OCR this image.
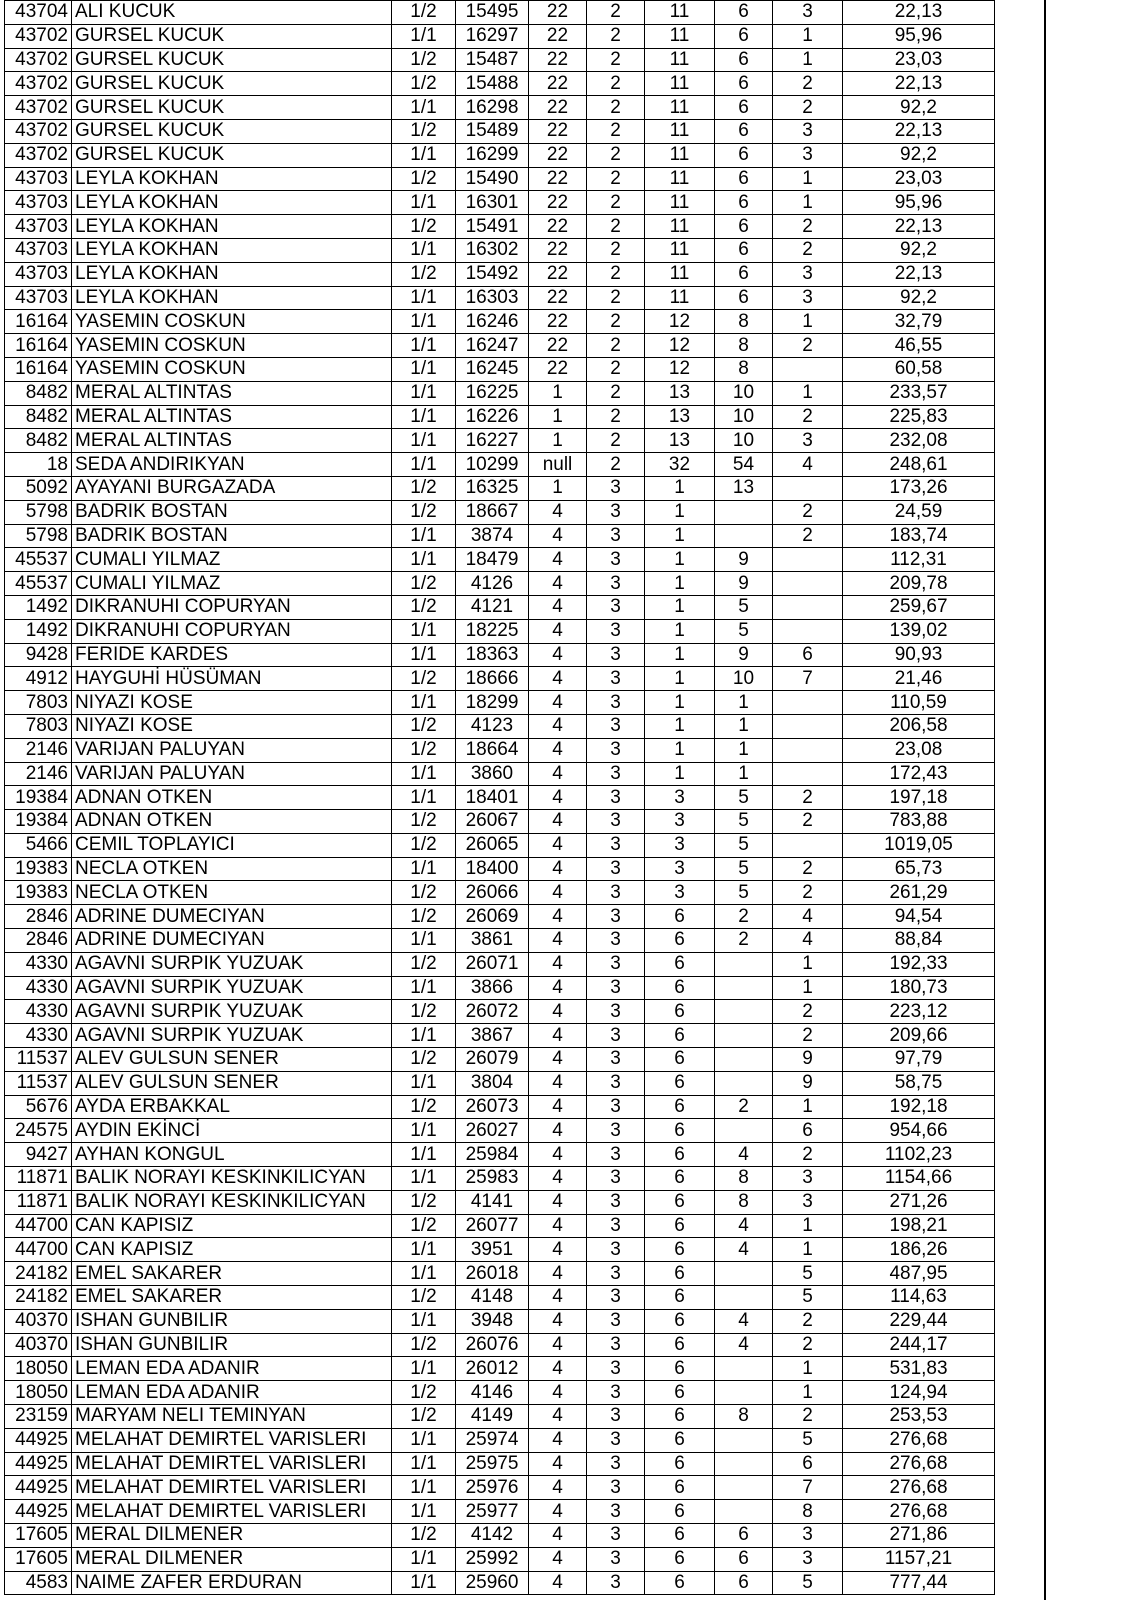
43704	ALI KUCUK	1/2	15495	22	2	11	6	3	22,13
43702	GURSEL KUCUK	1/1	16297	22	2	11	6	1	95,96
43702	GURSEL KUCUK	1/2	15487	22	2	11	6	1	23,03
43702	GURSEL KUCUK	1/2	15488	22	2	11	6	2	22,13
43702	GURSEL KUCUK	1/1	16298	22	2	11	6	2	92,2
43702	GURSEL KUCUK	1/2	15489	22	2	11	6	3	22,13
43702	GURSEL KUCUK	1/1	16299	22	2	11	6	3	92,2
43703	LEYLA KOKHAN	1/2	15490	22	2	11	6	1	23,03
43703	LEYLA KOKHAN	1/1	16301	22	2	11	6	1	95,96
43703	LEYLA KOKHAN	1/2	15491	22	2	11	6	2	22,13
43703	LEYLA KOKHAN	1/1	16302	22	2	11	6	2	92,2
43703	LEYLA KOKHAN	1/2	15492	22	2	11	6	3	22,13
43703	LEYLA KOKHAN	1/1	16303	22	2	11	6	3	92,2
16164	YASEMIN COSKUN	1/1	16246	22	2	12	8	1	32,79
16164	YASEMIN COSKUN	1/1	16247	22	2	12	8	2	46,55
16164	YASEMIN COSKUN	1/1	16245	22	2	12	8		60,58
8482	MERAL ALTINTAS	1/1	16225	1	2	13	10	1	233,57
8482	MERAL ALTINTAS	1/1	16226	1	2	13	10	2	225,83
8482	MERAL ALTINTAS	1/1	16227	1	2	13	10	3	232,08
18	SEDA ANDIRIKYAN	1/1	10299	null	2	32	54	4	248,61
5092	AYAYANI BURGAZADA	1/2	16325	1	3	1	13		173,26
5798	BADRIK BOSTAN	1/2	18667	4	3	1		2	24,59
5798	BADRIK BOSTAN	1/1	3874	4	3	1		2	183,74
45537	CUMALI YILMAZ	1/1	18479	4	3	1	9		112,31
45537	CUMALI YILMAZ	1/2	4126	4	3	1	9		209,78
1492	DIKRANUHI COPURYAN	1/2	4121	4	3	1	5		259,67
1492	DIKRANUHI COPURYAN	1/1	18225	4	3	1	5		139,02
9428	FERIDE KARDES	1/1	18363	4	3	1	9	6	90,93
4912	HAYGUHİ HÜSÜMAN	1/2	18666	4	3	1	10	7	21,46
7803	NIYAZI KOSE	1/1	18299	4	3	1	1		110,59
7803	NIYAZI KOSE	1/2	4123	4	3	1	1		206,58
2146	VARIJAN PALUYAN	1/2	18664	4	3	1	1		23,08
2146	VARIJAN PALUYAN	1/1	3860	4	3	1	1		172,43
19384	ADNAN OTKEN	1/1	18401	4	3	3	5	2	197,18
19384	ADNAN OTKEN	1/2	26067	4	3	3	5	2	783,88
5466	CEMIL TOPLAYICI	1/2	26065	4	3	3	5		1019,05
19383	NECLA OTKEN	1/1	18400	4	3	3	5	2	65,73
19383	NECLA OTKEN	1/2	26066	4	3	3	5	2	261,29
2846	ADRINE DUMECIYAN	1/2	26069	4	3	6	2	4	94,54
2846	ADRINE DUMECIYAN	1/1	3861	4	3	6	2	4	88,84
4330	AGAVNI SURPIK YUZUAK	1/2	26071	4	3	6		1	192,33
4330	AGAVNI SURPIK YUZUAK	1/1	3866	4	3	6		1	180,73
4330	AGAVNI SURPIK YUZUAK	1/2	26072	4	3	6		2	223,12
4330	AGAVNI SURPIK YUZUAK	1/1	3867	4	3	6		2	209,66
11537	ALEV GULSUN SENER	1/2	26079	4	3	6		9	97,79
11537	ALEV GULSUN SENER	1/1	3804	4	3	6		9	58,75
5676	AYDA ERBAKKAL	1/2	26073	4	3	6	2	1	192,18
24575	AYDIN EKİNCİ	1/1	26027	4	3	6		6	954,66
9427	AYHAN KONGUL	1/1	25984	4	3	6	4	2	1102,23
11871	BALIK NORAYI KESKINKILICYAN	1/1	25983	4	3	6	8	3	1154,66
11871	BALIK NORAYI KESKINKILICYAN	1/2	4141	4	3	6	8	3	271,26
44700	CAN KAPISIZ	1/2	26077	4	3	6	4	1	198,21
44700	CAN KAPISIZ	1/1	3951	4	3	6	4	1	186,26
24182	EMEL SAKARER	1/1	26018	4	3	6		5	487,95
24182	EMEL SAKARER	1/2	4148	4	3	6		5	114,63
40370	ISHAN GUNBILIR	1/1	3948	4	3	6	4	2	229,44
40370	ISHAN GUNBILIR	1/2	26076	4	3	6	4	2	244,17
18050	LEMAN EDA ADANIR	1/1	26012	4	3	6		1	531,83
18050	LEMAN EDA ADANIR	1/2	4146	4	3	6		1	124,94
23159	MARYAM NELI TEMINYAN	1/2	4149	4	3	6	8	2	253,53
44925	MELAHAT DEMIRTEL VARISLERI	1/1	25974	4	3	6		5	276,68
44925	MELAHAT DEMIRTEL VARISLERI	1/1	25975	4	3	6		6	276,68
44925	MELAHAT DEMIRTEL VARISLERI	1/1	25976	4	3	6		7	276,68
44925	MELAHAT DEMIRTEL VARISLERI	1/1	25977	4	3	6		8	276,68
17605	MERAL DILMENER	1/2	4142	4	3	6	6	3	271,86
17605	MERAL DILMENER	1/1	25992	4	3	6	6	3	1157,21
4583	NAIME ZAFER ERDURAN	1/1	25960	4	3	6	6	5	777,44
